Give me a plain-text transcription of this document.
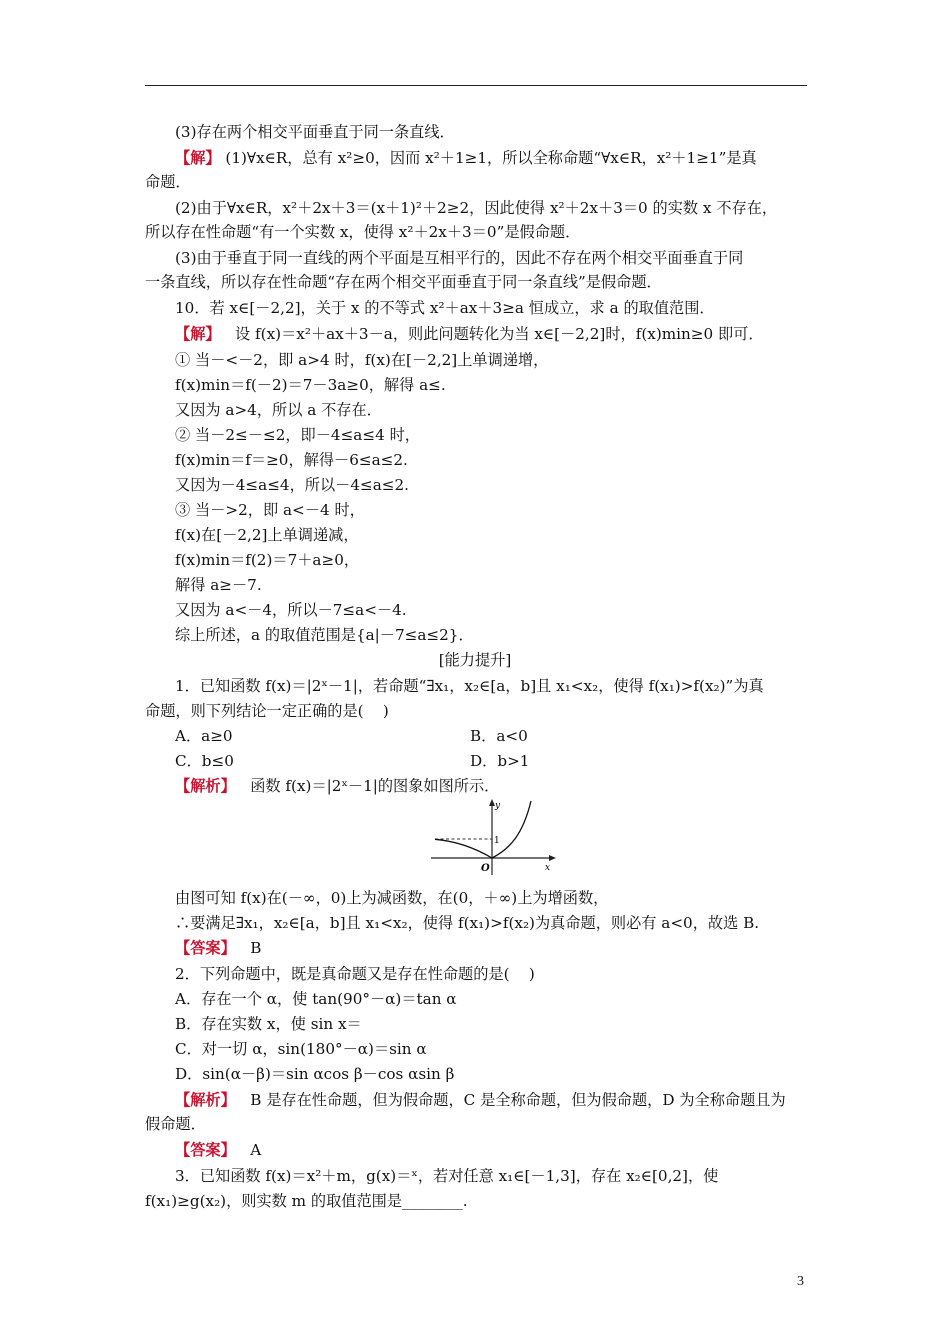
(3)存在两个相交平面垂直于同一条直线．
【解】 (1)∀x∈R，总有 x²≥0，因而 x²＋1≥1，所以全称命题“∀x∈R，x²＋1≥1”是真
命题．
(2)由于∀x∈R，x²＋2x＋3＝(x＋1)²＋2≥2，因此使得 x²＋2x＋3＝0 的实数 x 不存在，
所以存在性命题“有一个实数 x，使得 x²＋2x＋3＝0”是假命题．
(3)由于垂直于同一直线的两个平面是互相平行的，因此不存在两个相交平面垂直于同
一条直线，所以存在性命题“存在两个相交平面垂直于同一条直线”是假命题．
10．若 x∈[－2,2]，关于 x 的不等式 x²＋ax＋3≥a 恒成立，求 a 的取值范围．
【解】   设 f(x)＝x²＋ax＋3－a，则此问题转化为当 x∈[－2,2]时，f(x)min≥0 即可．
① 当－<－2，即 a>4 时，f(x)在[－2,2]上单调递增，
f(x)min＝f(－2)＝7－3a≥0，解得 a≤.
又因为 a>4，所以 a 不存在．
② 当－2≤－≤2，即－4≤a≤4 时，
f(x)min＝f＝≥0，解得－6≤a≤2.
又因为－4≤a≤4，所以－4≤a≤2.
③ 当－>2，即 a<－4 时，
f(x)在[－2,2]上单调递减，
f(x)min＝f(2)＝7＋a≥0，
解得 a≥－7.
又因为 a<－4，所以－7≤a<－4.
综上所述，a 的取值范围是{a|－7≤a≤2}．
[能力提升]
1．已知函数 f(x)＝|2ˣ－1|，若命题“∃x₁，x₂∈[a，b]且 x₁<x₂，使得 f(x₁)>f(x₂)”为真
命题，则下列结论一定正确的是(    )
A．a≥0	B．a<0
C．b≤0	D．b>1
【解析】   函数 f(x)＝|2ˣ－1|的图象如图所示．
y
1
O	x
由图可知 f(x)在(－∞，0)上为减函数，在(0，＋∞)上为增函数，
∴要满足∃x₁，x₂∈[a，b]且 x₁<x₂，使得 f(x₁)>f(x₂)为真命题，则必有 a<0，故选 B.
【答案】   B
2．下列命题中，既是真命题又是存在性命题的是(    )
A．存在一个 α，使 tan(90°－α)＝tan α
B．存在实数 x，使 sin x＝
C．对一切 α，sin(180°－α)＝sin α
D．sin(α－β)＝sin αcos β－cos αsin β
【解析】   B 是存在性命题，但为假命题，C 是全称命题，但为假命题，D 为全称命题且为
假命题．
【答案】   A
3．已知函数 f(x)＝x²＋m，g(x)＝ˣ，若对任意 x₁∈[－1,3]，存在 x₂∈[0,2]，使
f(x₁)≥g(x₂)，则实数 m 的取值范围是________.
3
